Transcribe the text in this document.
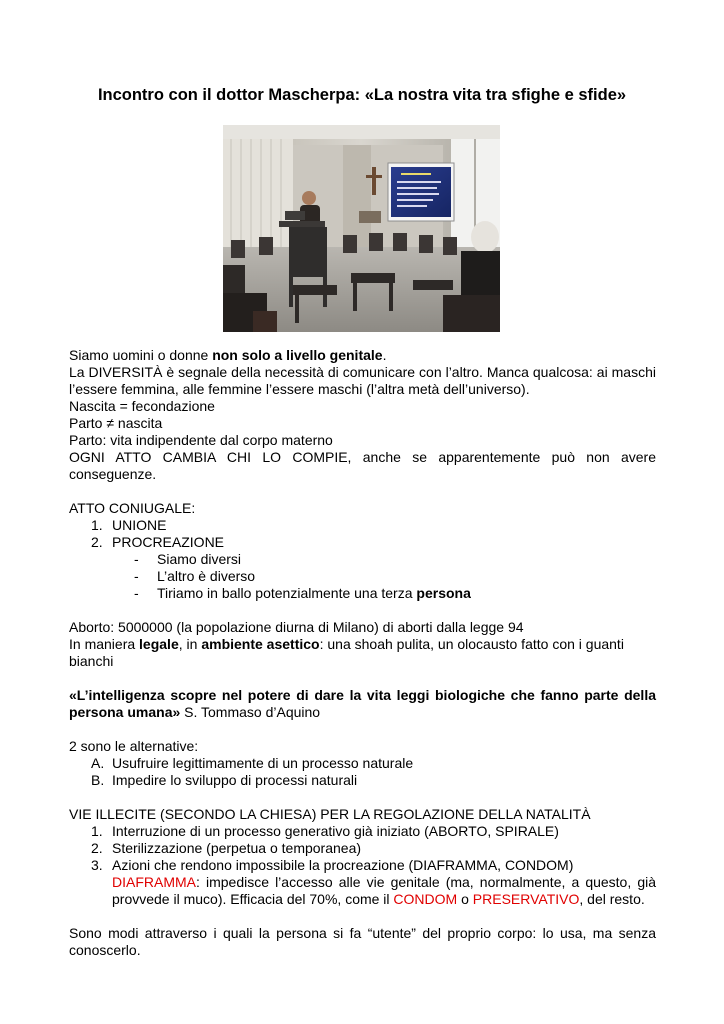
Incontro con il dottor Mascherpa: «La nostra vita tra sfighe e sfide»

Siamo uomini o donne non solo a livello genitale.

La DIVERSITÀ è segnale della necessità di comunicare con l’altro. Manca qualcosa: ai maschi l’essere femmina, alle femmine l’essere maschi (l’altra metà dell’universo).

Nascita = fecondazione

Parto ≠ nascita

Parto: vita indipendente dal corpo materno

OGNI ATTO CAMBIA CHI LO COMPIE, anche se apparentemente può non avere conseguenze.

ATTO CONIUGALE:

1. UNIONE
2. PROCREAZIONE
- Siamo diversi
- L’altro è diverso
- Tiriamo in ballo potenzialmente una terza persona

Aborto: 5000000 (la popolazione diurna di Milano) di aborti dalla legge 94

In maniera legale, in ambiente asettico: una shoah pulita, un olocausto fatto con i guanti bianchi

«L’intelligenza scopre nel potere di dare la vita leggi biologiche che fanno parte della persona umana» S. Tommaso d’Aquino

2 sono le alternative:

A. Usufruire legittimamente di un processo naturale
B. Impedire lo sviluppo di processi naturali

VIE ILLECITE (SECONDO LA CHIESA) PER LA REGOLAZIONE DELLA NATALITÀ

1. Interruzione di un processo generativo già iniziato (ABORTO, SPIRALE)
2. Sterilizzazione (perpetua o temporanea)
3. Azioni che rendono impossibile la procreazione (DIAFRAMMA, CONDOM)

DIAFRAMMA: impedisce l’accesso alle vie genitale (ma, normalmente, a questo, già provvede il muco). Efficacia del 70%, come il CONDOM o PRESERVATIVO, del resto.

Sono modi attraverso i quali la persona si fa “utente” del proprio corpo: lo usa, ma senza conoscerlo.
